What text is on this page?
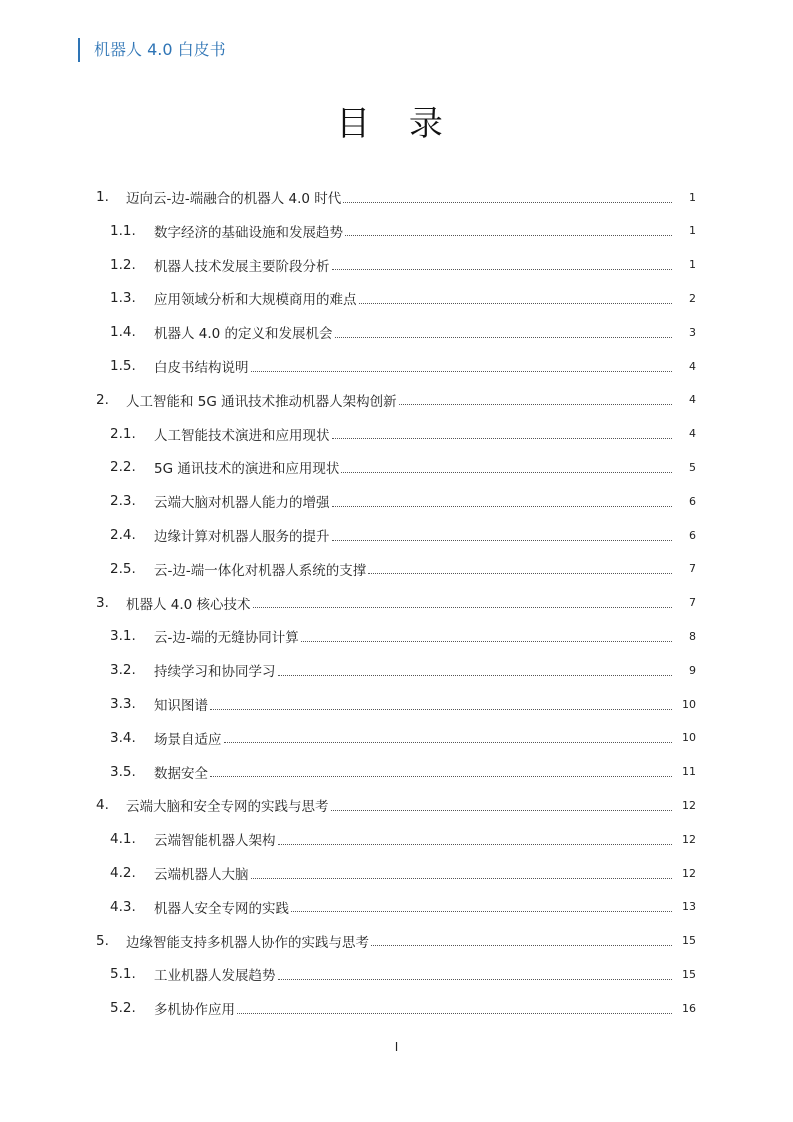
机器人 4.0 白皮书
目 录
1.	迈向云-边-端融合的机器人 4.0 时代	1
1.1.	数字经济的基础设施和发展趋势	1
1.2.	机器人技术发展主要阶段分析	1
1.3.	应用领域分析和大规模商用的难点	2
1.4.	机器人 4.0 的定义和发展机会	3
1.5.	白皮书结构说明	4
2.	人工智能和 5G 通讯技术推动机器人架构创新	4
2.1.	人工智能技术演进和应用现状	4
2.2.	5G 通讯技术的演进和应用现状	5
2.3.	云端大脑对机器人能力的增强	6
2.4.	边缘计算对机器人服务的提升	6
2.5.	云-边-端一体化对机器人系统的支撑	7
3.	机器人 4.0 核心技术	7
3.1.	云-边-端的无缝协同计算	8
3.2.	持续学习和协同学习	9
3.3.	知识图谱	10
3.4.	场景自适应	10
3.5.	数据安全	11
4.	云端大脑和安全专网的实践与思考	12
4.1.	云端智能机器人架构	12
4.2.	云端机器人大脑	12
4.3.	机器人安全专网的实践	13
5.	边缘智能支持多机器人协作的实践与思考	15
5.1.	工业机器人发展趋势	15
5.2.	多机协作应用	16
I
